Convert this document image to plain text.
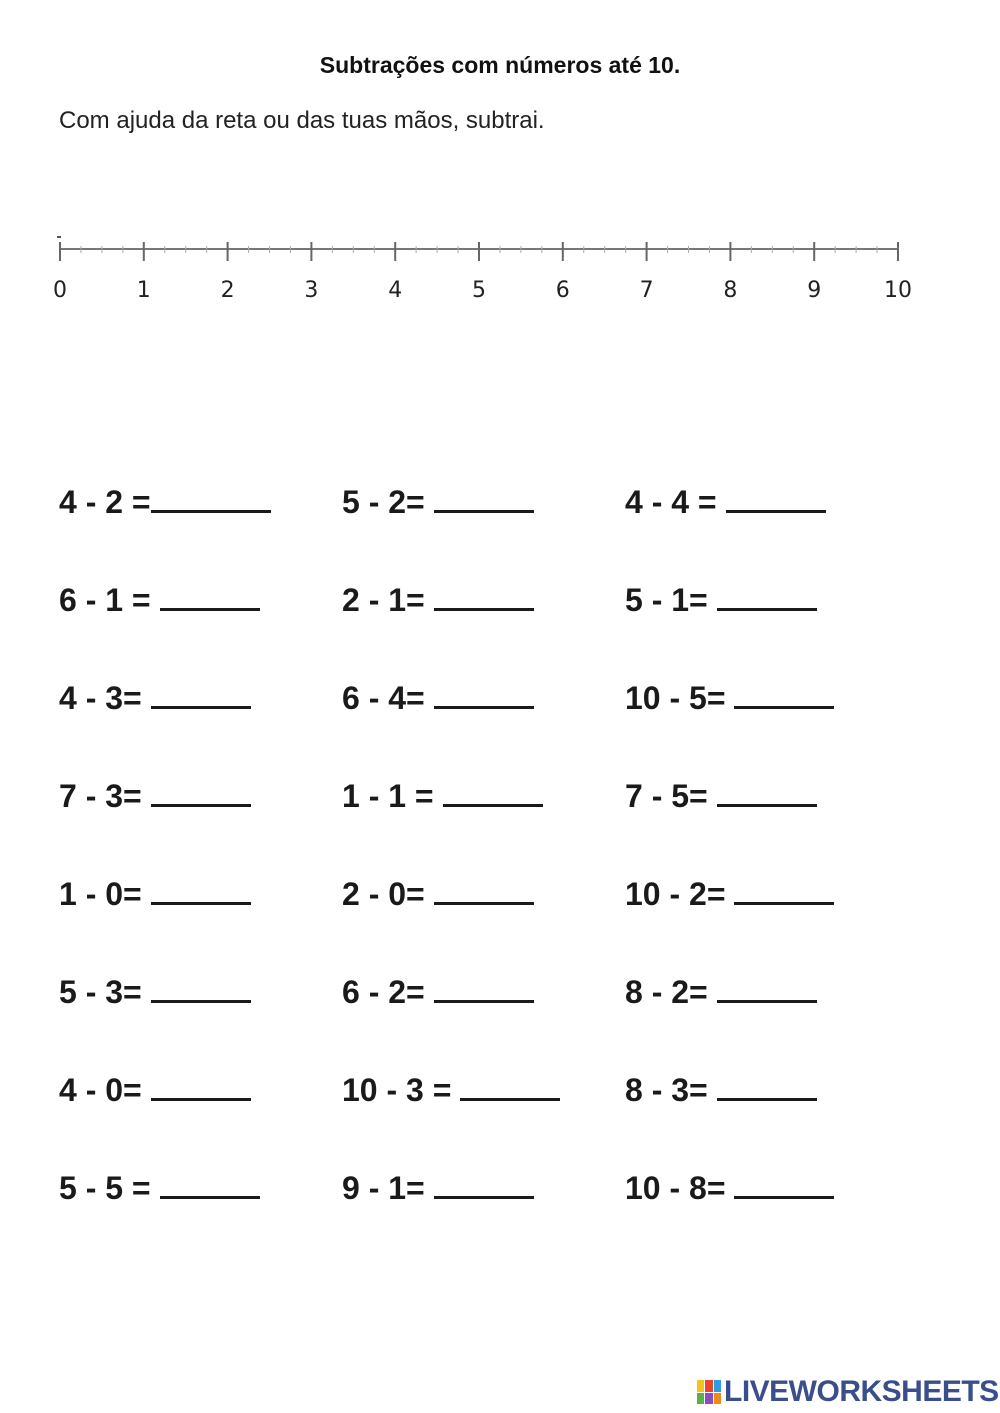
Subtrações com números até 10.
Com ajuda da reta ou das tuas mãos, subtrai.
0	1	2	3	4	5	6	7	8	9	10
4 - 2 =	5 - 2=	4 - 4 =
6 - 1 =	2 - 1=	5 - 1=
4 - 3=	6 - 4=	10 - 5=
7 - 3=	1 - 1 =	7 - 5=
1 - 0=	2 - 0=	10 - 2=
5 - 3=	6 - 2=	8 - 2=
4 - 0=	10 - 3 =	8 - 3=
5 - 5 =	9 - 1=	10 - 8=
LIVEWORKSHEETS
